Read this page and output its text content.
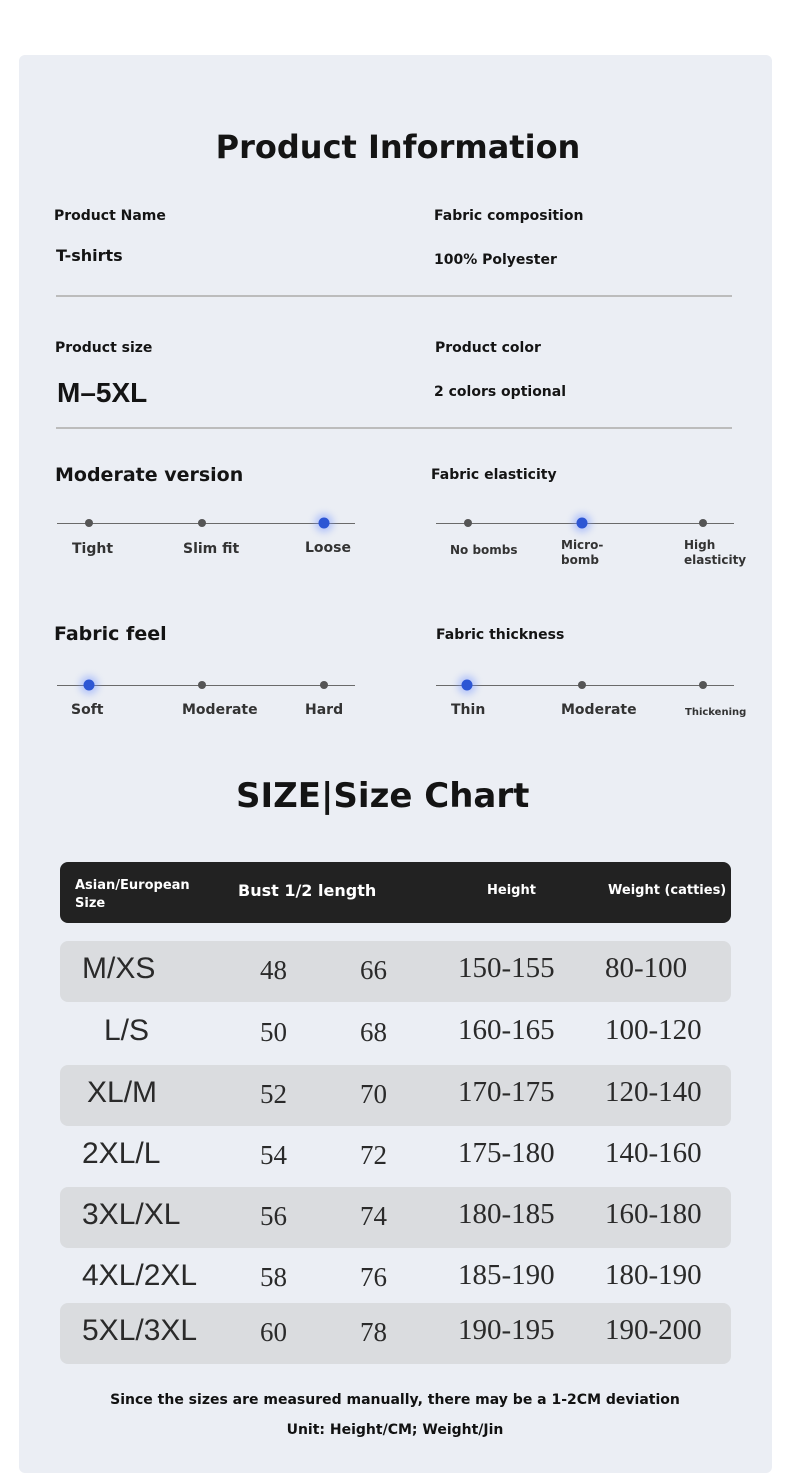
Product Information
Product Name
T-shirts
Fabric composition
100% Polyester
Product size
M–5XL
Product color
2 colors optional
Moderate version
Tight	Slim fit	Loose
Fabric elasticity
No bombs	Micro-bomb
High elasticity
Fabric feel
Soft	Moderate	Hard
Fabric thickness
Thin	Moderate	Thickening
SIZE|Size Chart
Asian/European Size
Bust 1/2 length	Height	Weight (catties)
M/XS	48	66 150-155 80-100
L/S	50	68 160-165 100-120
XL/M	52	70 170-175 120-140
2XL/L	54	72 175-180 140-160
3XL/XL	56	74 180-185 160-180
4XL/2XL 58	76 185-190 180-190
5XL/3XL 60	78 190-195 190-200
Since the sizes are measured manually, there may be a 1-2CM deviation
Unit: Height/CM; Weight/Jin
